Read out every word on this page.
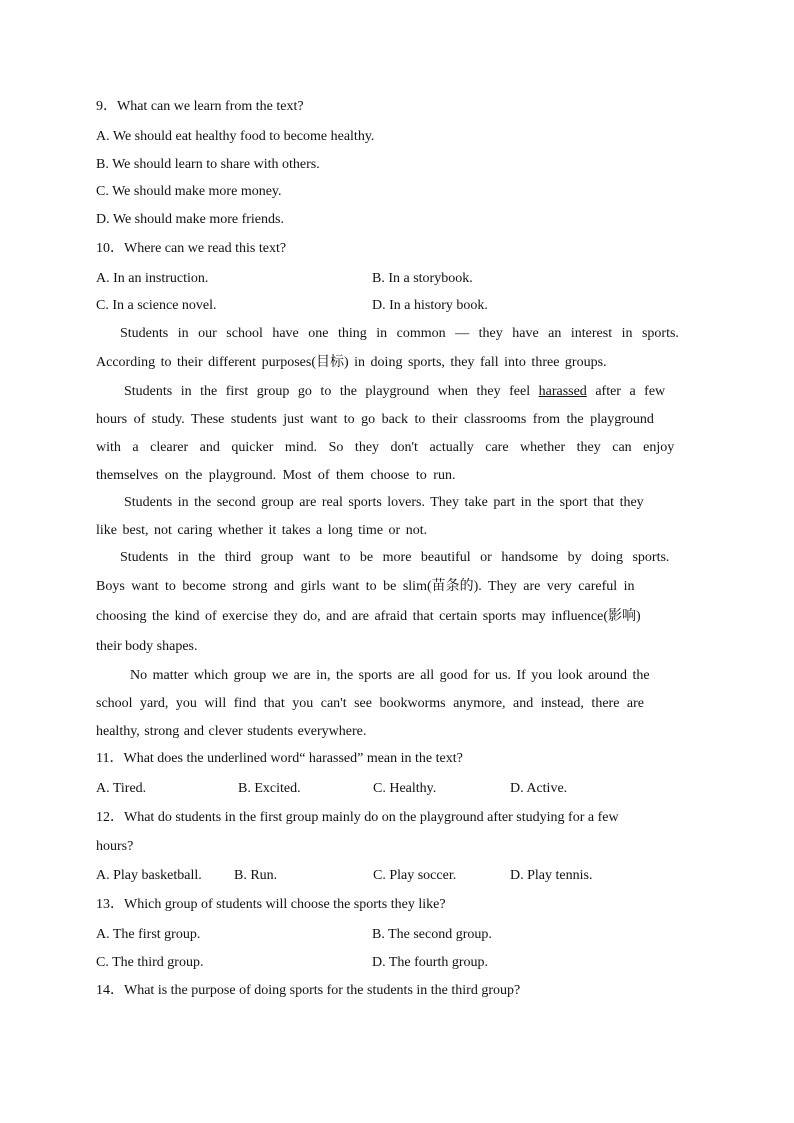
9．What can we learn from the text?
A. We should eat healthy food to become healthy.
B. We should learn to share with others.
C. We should make more money.
D. We should make more friends.
10．Where can we read this text?
A. In an instruction.	B. In a storybook.
C. In a science novel.	D. In a history book.
Students in our school have one thing in common — they have an interest in sports.
According to their different purposes(目标) in doing sports, they fall into three groups.
Students in the first group go to the playground when they feel harassed after a few
hours of study. These students just want to go back to their classrooms from the playground
with a clearer and quicker mind. So they don't actually care whether they can enjoy
themselves on the playground. Most of them choose to run.
Students in the second group are real sports lovers. They take part in the sport that they
like best, not caring whether it takes a long time or not.
Students in the third group want to be more beautiful or handsome by doing sports.
Boys want to become strong and girls want to be slim(苗条的). They are very careful in
choosing the kind of exercise they do, and are afraid that certain sports may influence(影响)
their body shapes.
No matter which group we are in, the sports are all good for us. If you look around the
school yard, you will find that you can't see bookworms anymore, and instead, there are
healthy, strong and clever students everywhere.
11．What does the underlined word“ harassed” mean in the text?
A. Tired.	B. Excited.	C. Healthy.	D. Active.
12．What do students in the first group mainly do on the playground after studying for a few
hours?
A. Play basketball. B. Run.	C. Play soccer.	D. Play tennis.
13．Which group of students will choose the sports they like?
A. The first group.	B. The second group.
C. The third group.	D. The fourth group.
14．What is the purpose of doing sports for the students in the third group?
